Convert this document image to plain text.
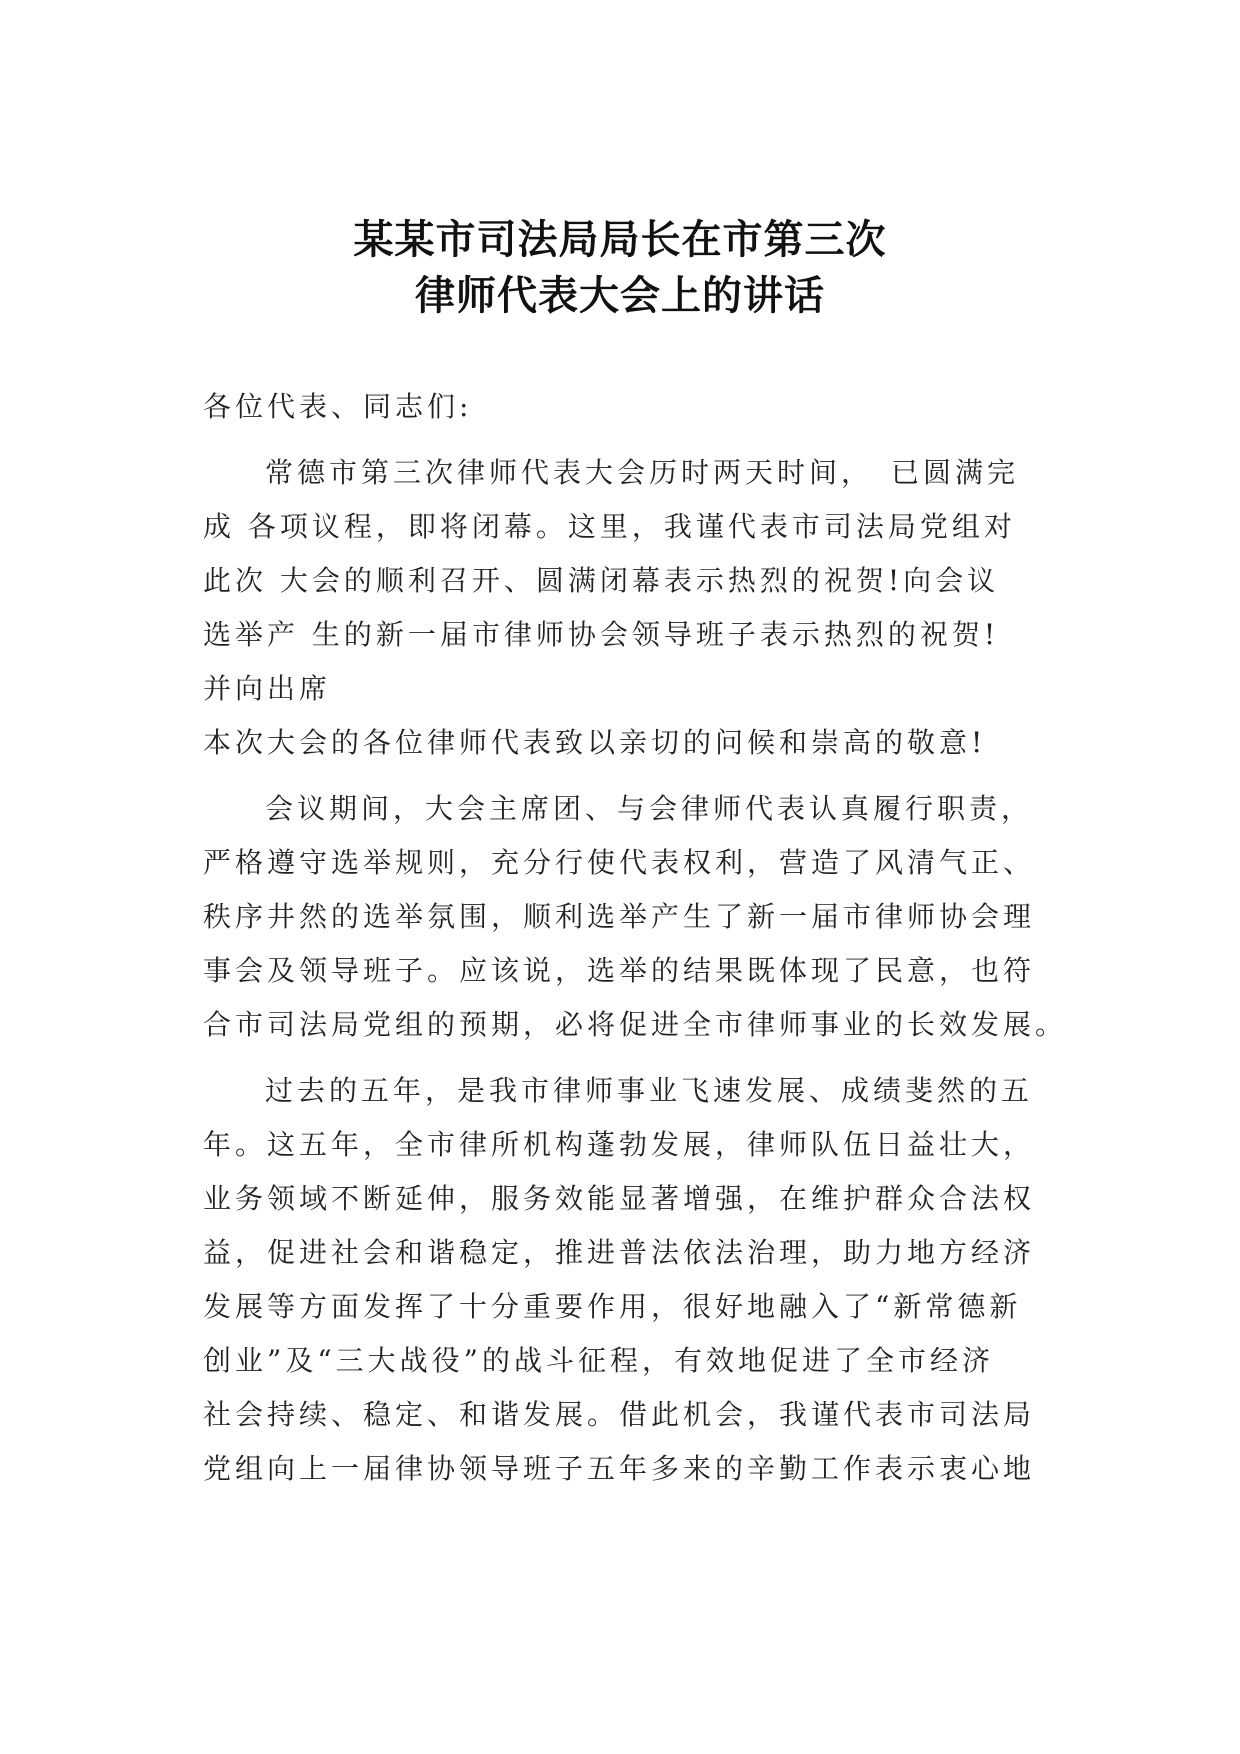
某某市司法局局长在市第三次
律师代表大会上的讲话
各位代表、同志们:
常德市第三次律师代表大会历时两天时间，　已圆满完
成 各项议程，即将闭幕。这里，我谨代表市司法局党组对
此次 大会的顺利召开、圆满闭幕表示热烈的祝贺!向会议
选举产 生的新一届市律师协会领导班子表示热烈的祝贺!
并向出席
本次大会的各位律师代表致以亲切的问候和崇高的敬意!
会议期间，大会主席团、与会律师代表认真履行职责，
严格遵守选举规则，充分行使代表权利，营造了风清气正、
秩序井然的选举氛围，顺利选举产生了新一届市律师协会理
事会及领导班子。应该说，选举的结果既体现了民意，也符
合市司法局党组的预期，必将促进全市律师事业的长效发展。
过去的五年，是我市律师事业飞速发展、成绩斐然的五
年。这五年，全市律所机构蓬勃发展，律师队伍日益壮大，
业务领域不断延伸，服务效能显著增强，在维护群众合法权
益，促进社会和谐稳定，推进普法依法治理，助力地方经济
发展等方面发挥了十分重要作用，很好地融入了“新常德新
创业”及“三大战役”的战斗征程，有效地促进了全市经济
社会持续、稳定、和谐发展。借此机会，我谨代表市司法局
党组向上一届律协领导班子五年多来的辛勤工作表示衷心地
